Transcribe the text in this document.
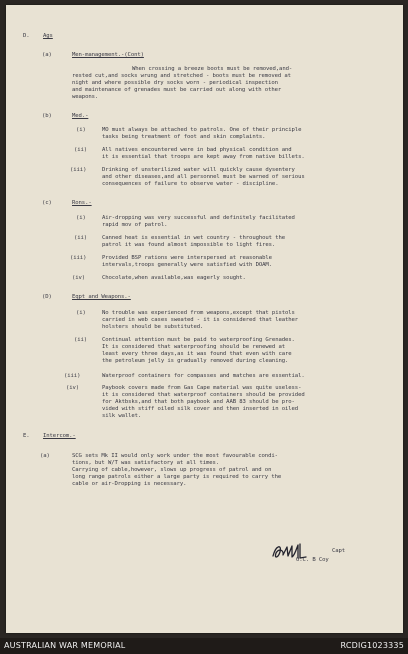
D. Ags
(a)	Men-management.-(Cont)
When crossing a breeze boots must be removed,and-
rested cut,and socks wrung and stretched - boots must be removed at
night and where possible dry socks worn - periodical inspection
and maintenance of grenades must be carried out along with other
weapons.
(b)	Med.-
(i)	MO must always be attached to patrols. One of their principle
tasks being treatment of foot and skin complaints.
(ii)	All natives encountered were in bad physical condition and
it is essential that troops are kept away from native billets.
(iii)	Drinking of unsterilized water will quickly cause dysentery
and other diseases,and all personnel must be warned of serious
consequences of failure to observe water - discipline.
(c)	Rons.-
(i)	Air-dropping was very successful and definitely facilitated
rapid mov of patrol.
(ii)	Canned heat is essential in wet country - throughout the
patrol it was found almost impossible to light fires.
(iii)	Provided BSP rations were interspersed at reasonable
intervals,troops generally were satisfied with DOAM.
(iv)	Chocolate,when available,was eagerly sought.
(D)	Eqpt and Weapons.-
(i)	No trouble was experienced from weapons,except that pistols
carried in web cases sweated - it is considered that leather
holsters should be substituted.
(ii)	Continual attention must be paid to waterproofing Grenades.
It is considered that waterproofing should be renewed at
least every three days,as it was found that even with care
the petroleum jelly is gradually removed during cleaning.
(iii)	Waterproof containers for compasses and matches are essential.
(iv)	Paybook covers made from Gas Cape material was quite useless-
it is considered that waterproof containers should be provided
for Aktbsks,and that both paybook and AAB 83 should be pro-
vided with stiff oiled silk cover and then inserted in oiled
silk wallet.
E. Intercom.-
(a)	SCG sets Mk II would only work under the most favourable condi-
tions, but W/T was satisfactory at all times.
Carrying of cable,however, slows up progress of patrol and on
long range patrols either a large party is required to carry the
cable or air-Dropping is necessary.
Capt
O.C. B Coy
AUSTRALIAN WAR MEMORIAL	RCDIG1023335
